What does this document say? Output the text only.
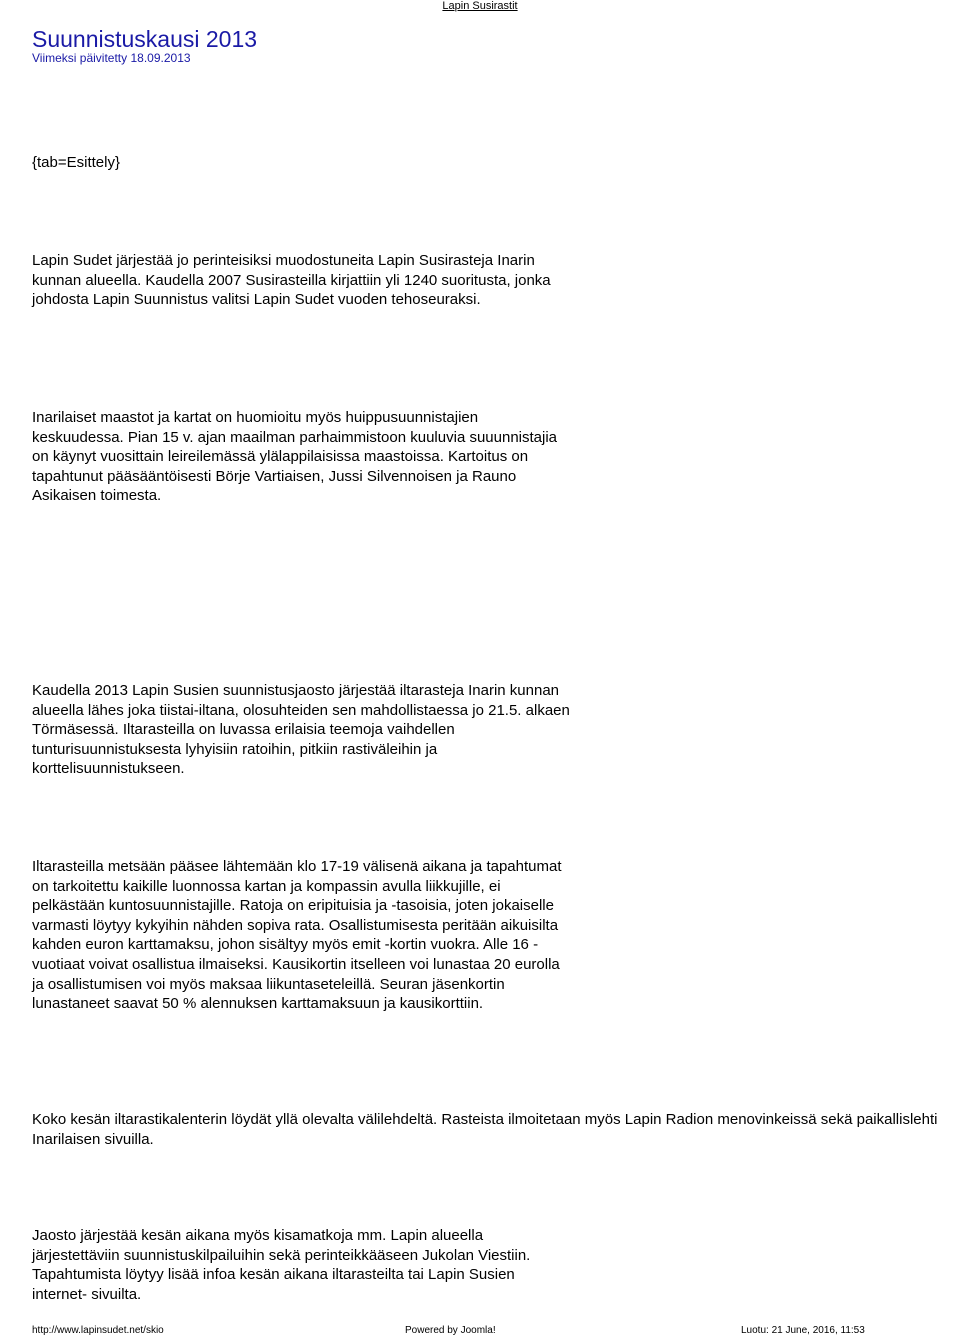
Lapin Susirastit
Suunnistuskausi 2013
Viimeksi päivitetty 18.09.2013

{tab=Esittely}

Lapin Sudet järjestää jo perinteisiksi muodostuneita Lapin Susirasteja Inarin kunnan alueella. Kaudella 2007 Susirasteilla kirjattiin yli 1240 suoritusta, jonka johdosta Lapin Suunnistus valitsi Lapin Sudet vuoden tehoseuraksi.

Inarilaiset maastot ja kartat on huomioitu myös huippusuunnistajien keskuudessa. Pian 15 v. ajan maailman parhaimmistoon kuuluvia suuunnistajia on käynyt vuosittain leireilemässä ylälappilaisissa maastoissa. Kartoitus on tapahtunut pääsääntöisesti Börje Vartiaisen, Jussi Silvennoisen ja Rauno Asikaisen toimesta.

Kaudella 2013 Lapin Susien suunnistusjaosto järjestää iltarasteja Inarin kunnan alueella lähes joka tiistai-iltana, olosuhteiden sen mahdollistaessa jo 21.5. alkaen Törmäsessä. Iltarasteilla on luvassa erilaisia teemoja vaihdellen tunturisuunnistuksesta lyhyisiin ratoihin, pitkiin rastiväleihin ja korttelisuunnistukseen.

Iltarasteilla metsään pääsee lähtemään klo 17-19 välisenä aikana ja tapahtumat on tarkoitettu kaikille luonnossa kartan ja kompassin avulla liikkujille, ei pelkästään kuntosuunnistajille. Ratoja on eripituisia ja -tasoisia, joten jokaiselle varmasti löytyy kykyihin nähden sopiva rata. Osallistumisesta peritään aikuisilta kahden euron karttamaksu, johon sisältyy myös emit -kortin vuokra. Alle 16 -vuotiaat voivat osallistua ilmaiseksi. Kausikortin itselleen voi lunastaa 20 eurolla ja osallistumisen voi myös maksaa liikuntaseteleillä. Seuran jäsenkortin lunastaneet saavat 50 % alennuksen karttamaksuun ja kausikorttiin.

Koko kesän iltarastikalenterin löydät yllä olevalta välilehdeltä. Rasteista ilmoitetaan myös Lapin Radion menovinkeissä sekä paikallislehti Inarilaisen sivuilla.

Jaosto järjestää kesän aikana myös kisamatkoja mm. Lapin alueella järjestettäviin suunnistuskilpailuihin sekä perinteikkääseen Jukolan Viestiin. Tapahtumista löytyy lisää infoa kesän aikana iltarasteilta tai Lapin Susien internet- sivuilta.

http://www.lapinsudet.net/skio	Powered by Joomla!	Luotu: 21 June, 2016, 11:53
